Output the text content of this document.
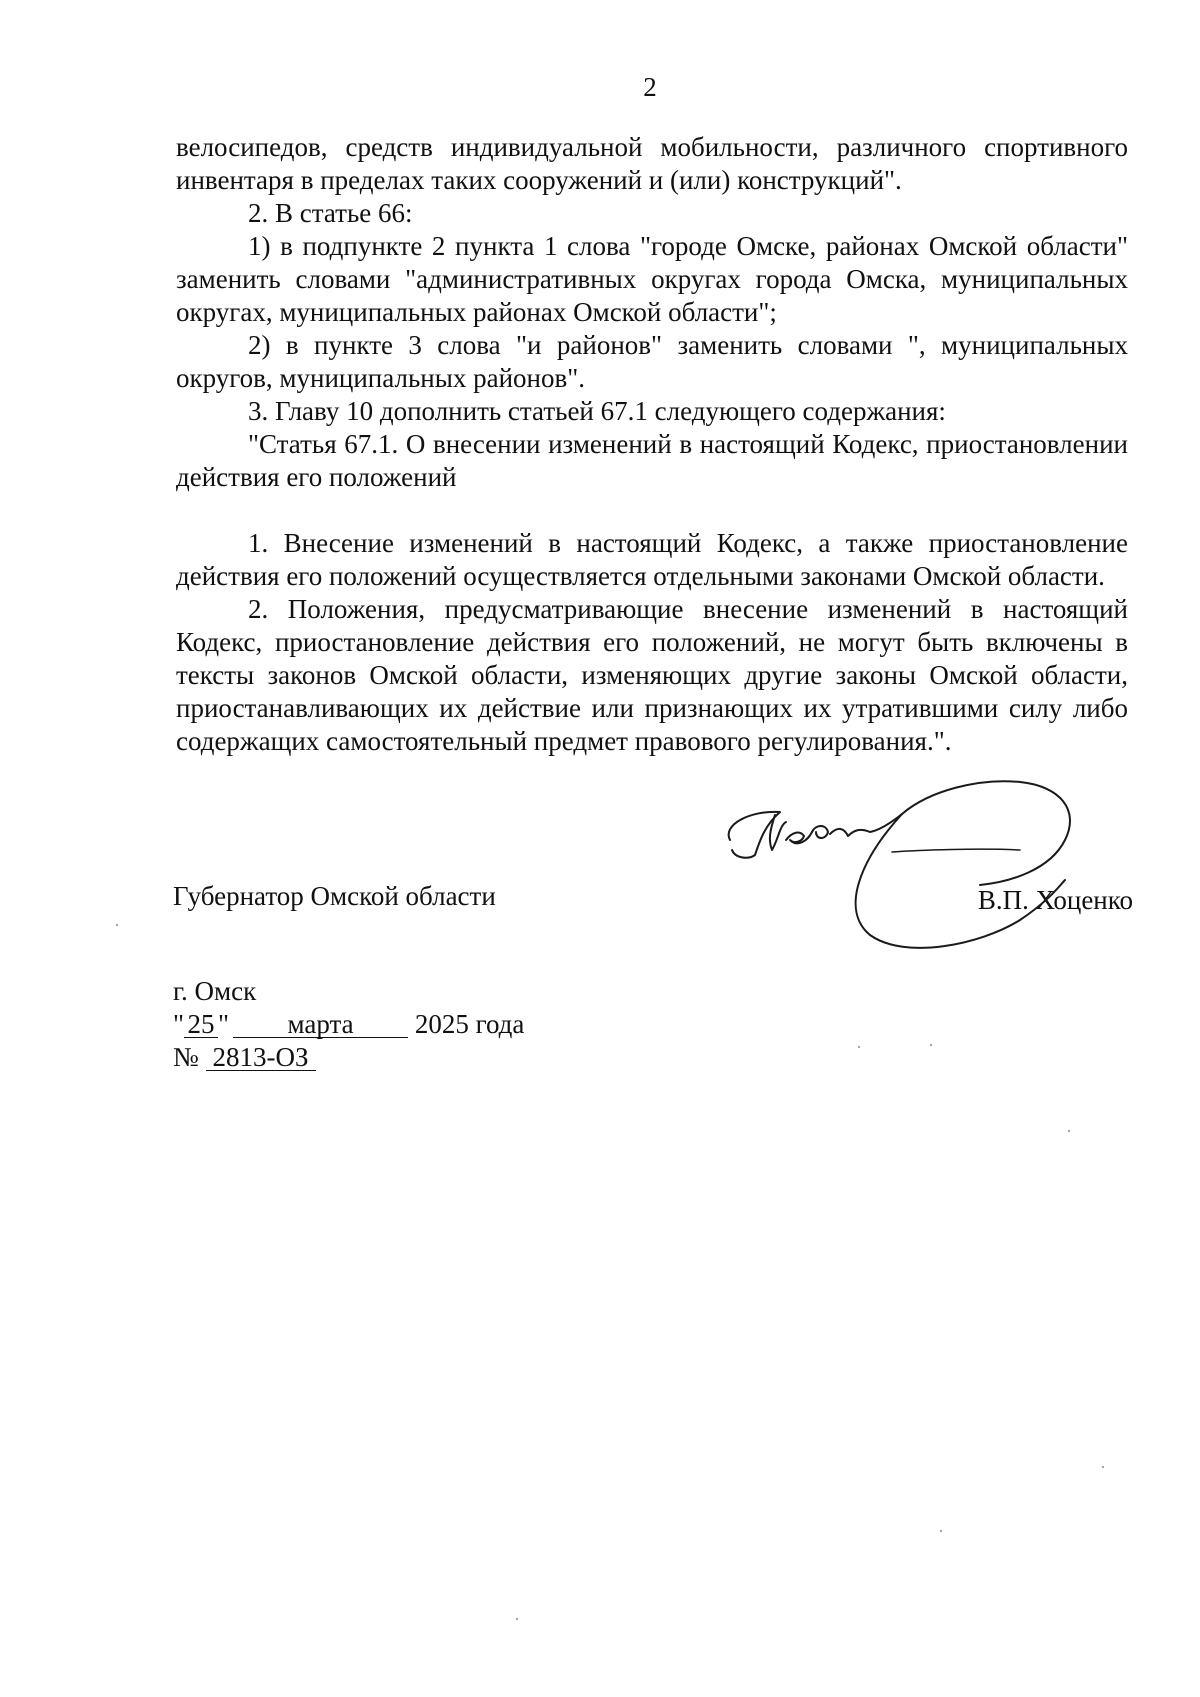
2

велосипедов, средств индивидуальной мобильности, различного спортивного инвентаря в пределах таких сооружений и (или) конструкций".

2. В статье 66:

1) в подпункте 2 пункта 1 слова "городе Омске, районах Омской области" заменить словами "административных округах города Омска, муниципальных округах, муниципальных районах Омской области";

2) в пункте 3 слова "и районов" заменить словами ", муниципальных округов, муниципальных районов".

3. Главу 10 дополнить статьей 67.1 следующего содержания:

"Статья 67.1. О внесении изменений в настоящий Кодекс, приостановлении действия его положений

1. Внесение изменений в настоящий Кодекс, а также приостановление действия его положений осуществляется отдельными законами Омской области.

2. Положения, предусматривающие внесение изменений в настоящий Кодекс, приостановление действия его положений, не могут быть включены в тексты законов Омской области, изменяющих другие законы Омской области, приостанавливающих их действие или признающих их утратившими силу либо содержащих самостоятельный предмет правового регулирования.".

Губернатор Омской области	В.П. Хоценко
г. Омск
" 25 " марта 2025 года
№ 2813-ОЗ
